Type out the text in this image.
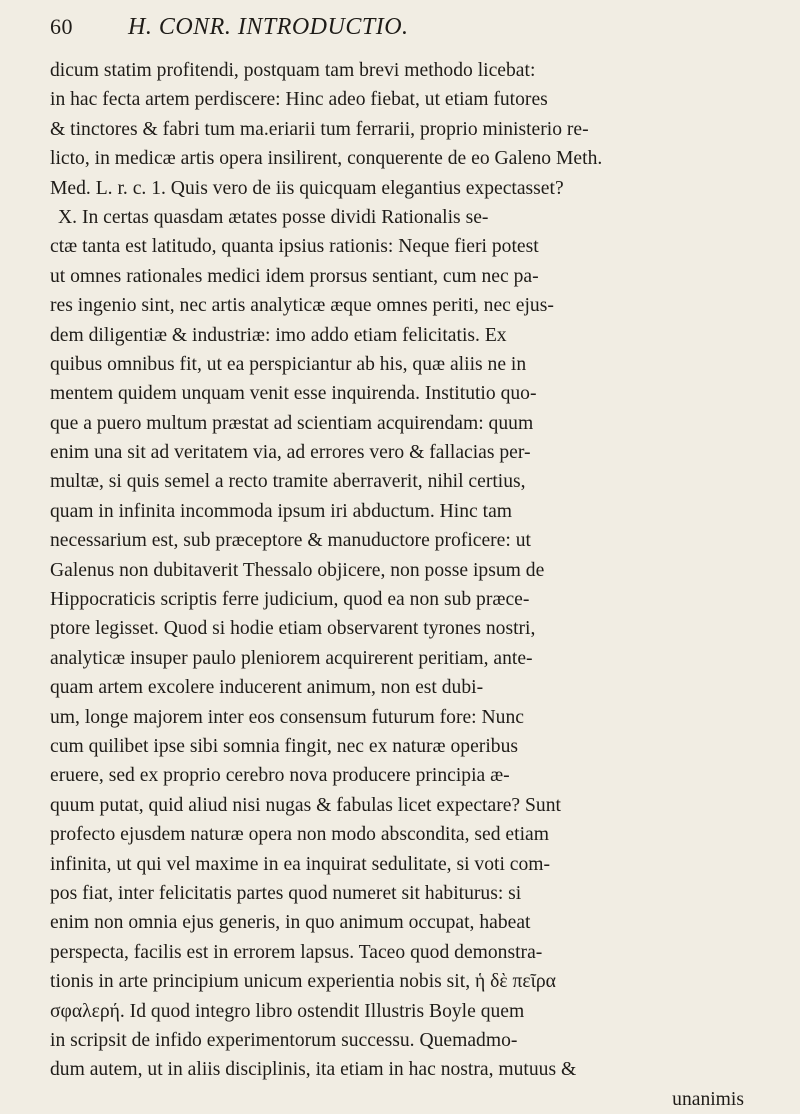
60	H. CONR. INTRODUCTIO.
dicum statim profitendi, postquam tam brevi methodo licebat:
in hac fecta artem perdiscere: Hinc adeo fiebat, ut etiam futores
& tinctores & fabri tum ma.eriarii tum ferrarii, proprio ministerio re-
licto, in medicæ artis opera insilirent, conquerente de eo Galeno Meth.
Med. L. r. c. 1. Quis vero de iis quicquam elegantius expectasset?
X. In certas quasdam ætates posse dividi Rationalis se-
ctæ tanta est latitudo, quanta ipsius rationis: Neque fieri potest
ut omnes rationales medici idem prorsus sentiant, cum nec pa-
res ingenio sint, nec artis analyticæ æque omnes periti, nec ejus-
dem diligentiæ & industriæ: imo addo etiam felicitatis. Ex
quibus omnibus fit, ut ea perspiciantur ab his, quæ aliis ne in
mentem quidem unquam venit esse inquirenda. Institutio quo-
que a puero multum præstat ad scientiam acquirendam: quum
enim una sit ad veritatem via, ad errores vero & fallacias per-
multæ, si quis semel a recto tramite aberraverit, nihil certius,
quam in infinita incommoda ipsum iri abductum. Hinc tam
necessarium est, sub præceptore & manuductore proficere: ut
Galenus non dubitaverit Thessalo objicere, non posse ipsum de
Hippocraticis scriptis ferre judicium, quod ea non sub præce-
ptore legisset. Quod si hodie etiam observarent tyrones nostri,
analyticæ insuper paulo pleniorem acquirerent peritiam, ante-
quam artem excolere inducerent animum, non est dubi-
um, longe majorem inter eos consensum futurum fore: Nunc
cum quilibet ipse sibi somnia fingit, nec ex naturæ operibus
eruere, sed ex proprio cerebro nova producere principia æ-
quum putat, quid aliud nisi nugas & fabulas licet expectare? Sunt
profecto ejusdem naturæ opera non modo abscondita, sed etiam
infinita, ut qui vel maxime in ea inquirat sedulitate, si voti com-
pos fiat, inter felicitatis partes quod numeret sit habiturus: si
enim non omnia ejus generis, in quo animum occupat, habeat
perspecta, facilis est in errorem lapsus. Taceo quod demonstra-
tionis in arte principium unicum experientia nobis sit, ἡ δὲ πεῖρα
σφαλερή. Id quod integro libro ostendit Illustris Boyle quem
in scripsit de infido experimentorum successu. Quemadmo-
dum autem, ut in aliis disciplinis, ita etiam in hac nostra, mutuus &
unanimis
